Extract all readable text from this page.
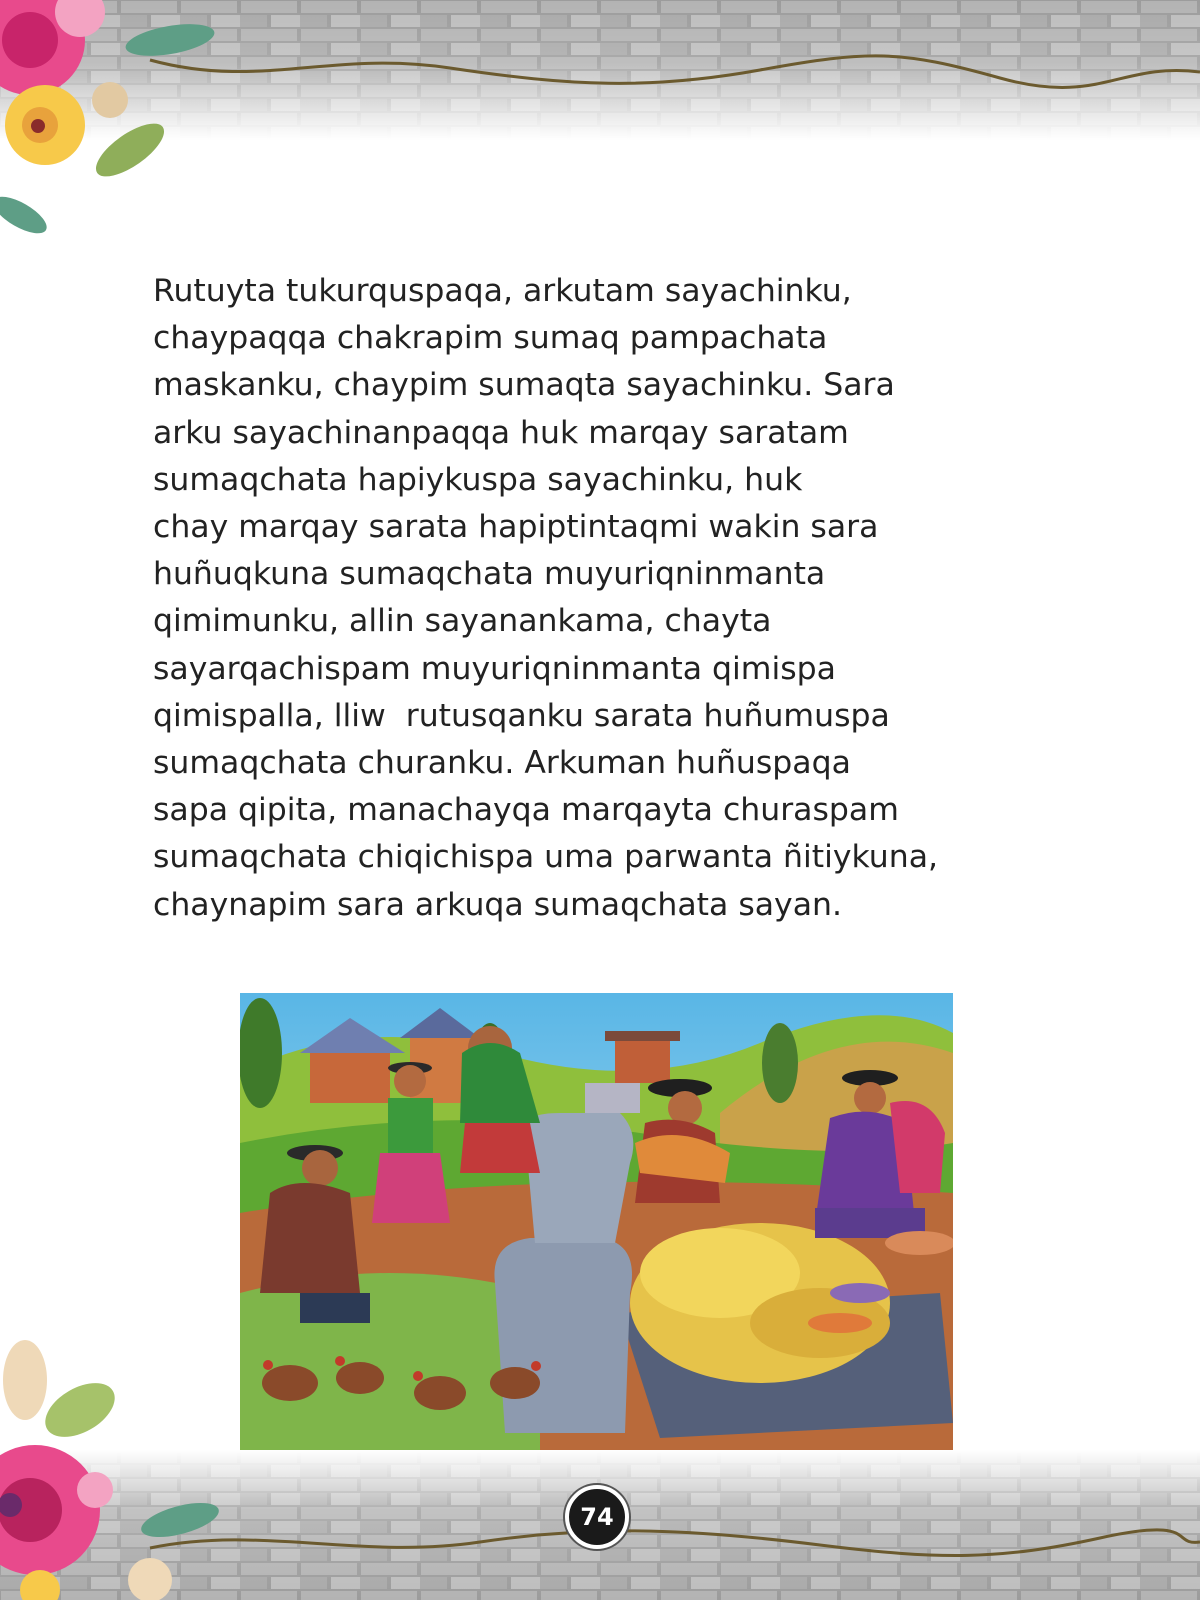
Rutuyta tukurquspaqa, arkutam sayachinku,
chaypaqqa chakrapim sumaq pampachata
maskanku, chaypim sumaqta sayachinku. Sara
arku sayachinanpaqqa huk marqay saratam
sumaqchata hapiykuspa sayachinku, huk
chay marqay sarata hapiptintaqmi wakin sara
huñuqkuna sumaqchata muyuriqninmanta
qimimunku, allin sayanankama, chayta
sayarqachispam muyuriqninmanta qimispa
qimispalla, lliw  rutusqanku sarata huñumuspa
sumaqchata churanku. Arkuman huñuspaqa
sapa qipita, manachayqa marqayta churaspam
sumaqchata chiqichispa uma parwanta ñitiykuna,
chaynapim sara arkuqa sumaqchata sayan.
74
